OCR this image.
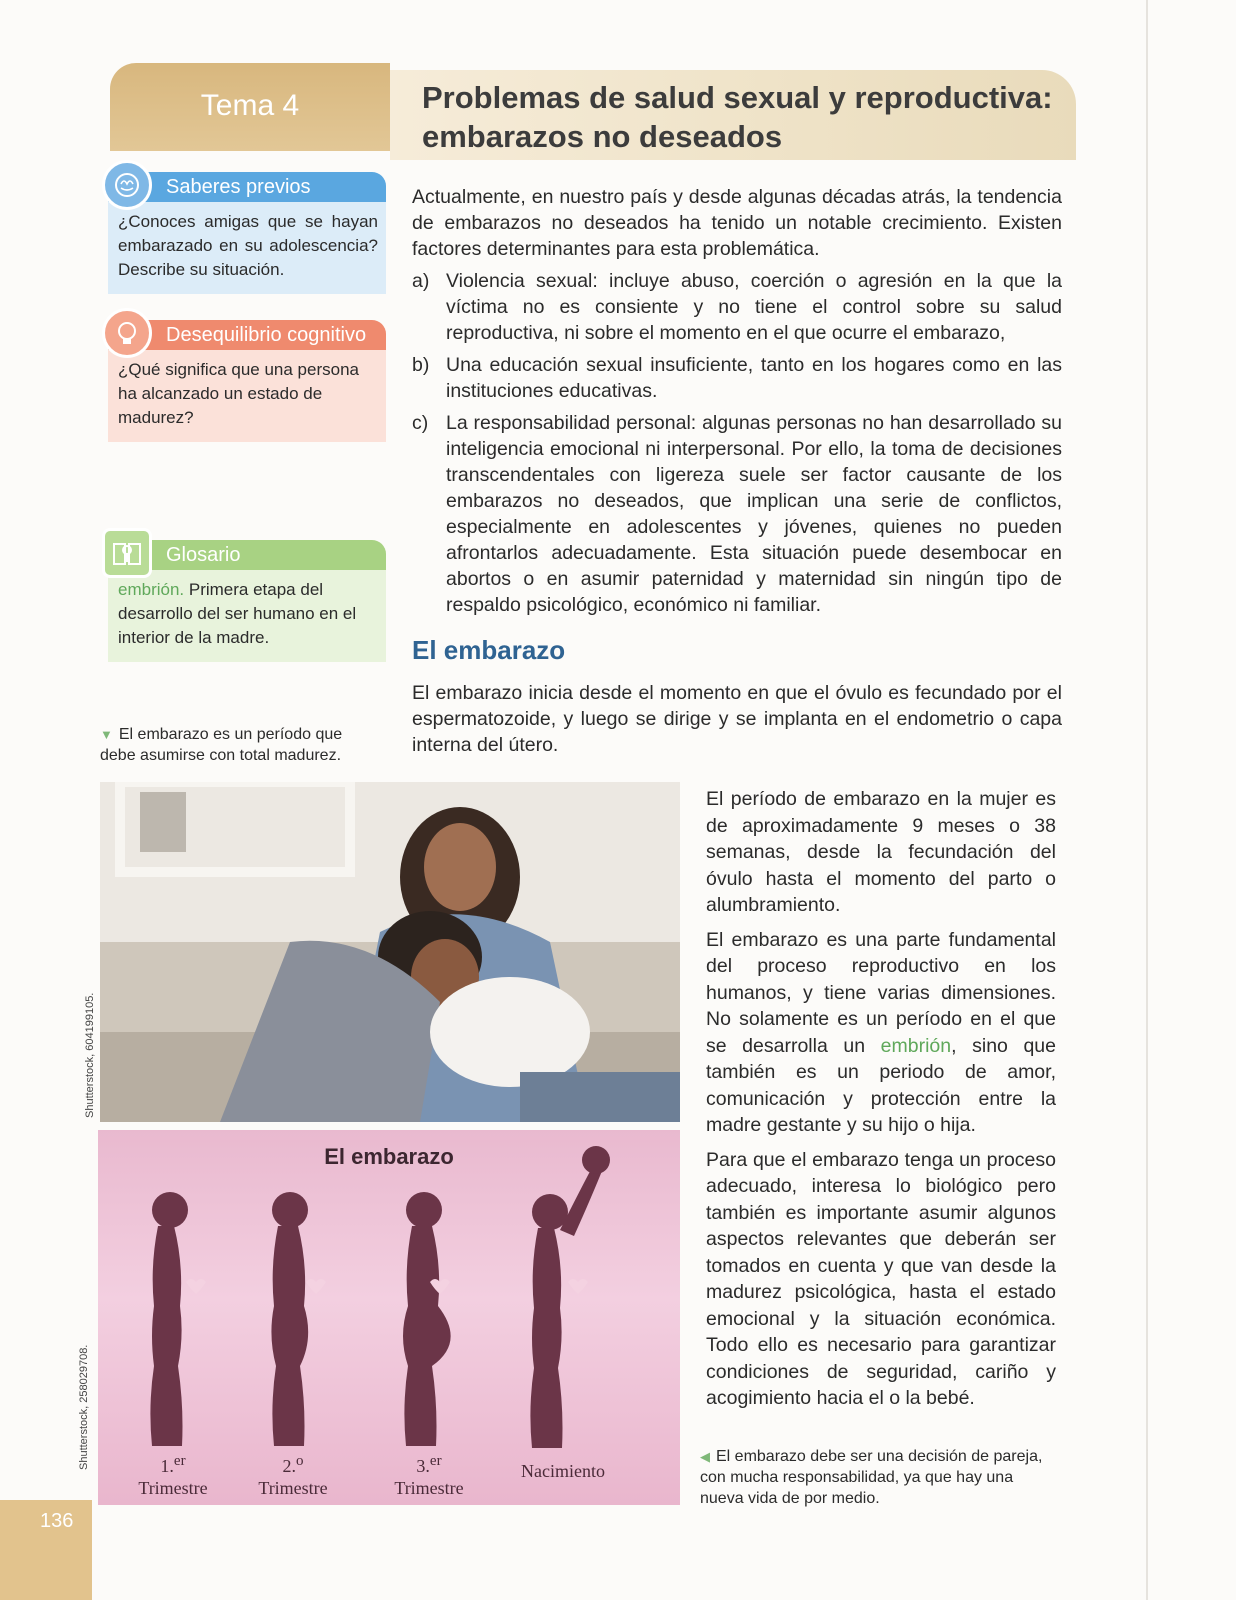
Tema 4	Problemas de salud sexual y reproductiva:
embarazos no deseados
Saberes previos
¿Conoces amigas que se hayan embarazado en su adolescencia? Describe su situación.
Desequilibrio cognitivo
¿Qué significa que una persona ha alcanzado un estado de madurez?
Glosario
embrión. Primera etapa del desarrollo del ser humano en el interior de la madre.
▼ El embarazo es un período que debe asumirse con total madurez.

Actualmente, en nuestro país y desde algunas décadas atrás, la tendencia de embarazos no deseados ha tenido un notable crecimiento. Existen factores determinantes para esta problemática.

a) Violencia sexual: incluye abuso, coerción o agresión en la que la víctima no es consiente y no tiene el control sobre su salud reproductiva, ni sobre el momento en el que ocurre el embarazo,
b) Una educación sexual insuficiente, tanto en los hogares como en las instituciones educativas.
c) La responsabilidad personal: algunas personas no han desarrollado su inteligencia emocional ni interpersonal. Por ello, la toma de decisiones transcendentales con ligereza suele ser factor causante de los embarazos no deseados, que implican una serie de conflictos, especialmente en adolescentes y jóvenes, quienes no pueden afrontarlos adecuadamente. Esta situación puede desembocar en abortos o en asumir paternidad y maternidad sin ningún tipo de respaldo psicológico, económico ni familiar.
El embarazo

El embarazo inicia desde el momento en que el óvulo es fecundado por el espermatozoide, y luego se dirige y se implanta en el endometrio o capa interna del útero.

Shutterstock, 604199105.
El embarazo
1.$^{er}$
Trimestre
2.$^o$
Trimestre
3.$^{er}$
Trimestre
Nacimiento
Shutterstock, 258029708.

El período de embarazo en la mujer es de aproximadamente 9 meses o 38 semanas, desde la fecundación del óvulo hasta el momento del parto o alumbramiento.

El embarazo es una parte fundamental del proceso reproductivo en los humanos, y tiene varias dimensiones. No solamente es un período en el que se desarrolla un embrión, sino que también es un periodo de amor, comunicación y protección entre la madre gestante y su hijo o hija.

Para que el embarazo tenga un proceso adecuado, interesa lo biológico pero también es importante asumir algunos aspectos relevantes que deberán ser tomados en cuenta y que van desde la madurez psicológica, hasta el estado emocional y la situación económica. Todo ello es necesario para garantizar condiciones de seguridad, cariño y acogimiento hacia el o la bebé.

◀ El embarazo debe ser una decisión de pareja, con mucha responsabilidad, ya que hay una nueva vida de por medio.
136
